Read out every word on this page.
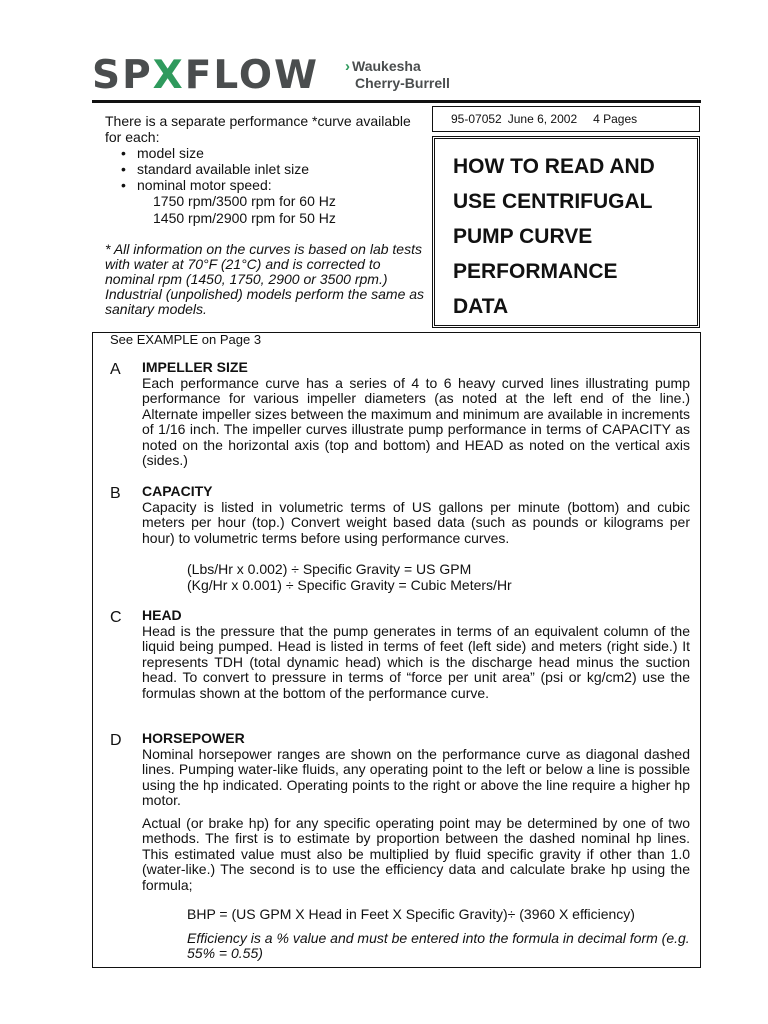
SPXFLOW › Waukesha
Cherry-Burrell

There is a separate performance *curve available for each:

• model size
• standard available inlet size
• nominal motor speed:
1750 rpm/3500 rpm for 60 Hz
1450 rpm/2900 rpm for 50 Hz

* All information on the curves is based on lab tests with water at 70°F (21°C) and is corrected to nominal rpm (1450, 1750, 2900 or 3500 rpm.) Industrial (unpolished) models perform the same as sanitary models.

95-07052 June 6, 2002 4 Pages
HOW TO READ AND
USE CENTRIFUGAL
PUMP CURVE
PERFORMANCE
DATA
See EXAMPLE on Page 3
A IMPELLER SIZE

Each performance curve has a series of 4 to 6 heavy curved lines illustrating pump performance for various impeller diameters (as noted at the left end of the line.) Alternate impeller sizes between the maximum and minimum are available in increments of 1/16 inch. The impeller curves illustrate pump performance in terms of CAPACITY as noted on the horizontal axis (top and bottom) and HEAD as noted on the vertical axis (sides.)

B CAPACITY

Capacity is listed in volumetric terms of US gallons per minute (bottom) and cubic meters per hour (top.) Convert weight based data (such as pounds or kilograms per hour) to volumetric terms before using performance curves.

(Lbs/Hr x 0.002) ÷ Specific Gravity = US GPM
(Kg/Hr x 0.001) ÷ Specific Gravity = Cubic Meters/Hr
C HEAD

Head is the pressure that the pump generates in terms of an equivalent column of the liquid being pumped. Head is listed in terms of feet (left side) and meters (right side.) It represents TDH (total dynamic head) which is the discharge head minus the suction head. To convert to pressure in terms of “force per unit area” (psi or kg/cm2) use the formulas shown at the bottom of the performance curve.

D HORSEPOWER

Nominal horsepower ranges are shown on the performance curve as diagonal dashed lines. Pumping water-like fluids, any operating point to the left or below a line is possible using the hp indicated. Operating points to the right or above the line require a higher hp motor.

Actual (or brake hp) for any specific operating point may be determined by one of two methods. The first is to estimate by proportion between the dashed nominal hp lines. This estimated value must also be multiplied by fluid specific gravity if other than 1.0 (water-like.) The second is to use the efficiency data and calculate brake hp using the formula;

BHP = (US GPM X Head in Feet X Specific Gravity)÷ (3960 X efficiency)
Efficiency is a % value and must be entered into the formula in decimal form (e.g. 55% = 0.55)
